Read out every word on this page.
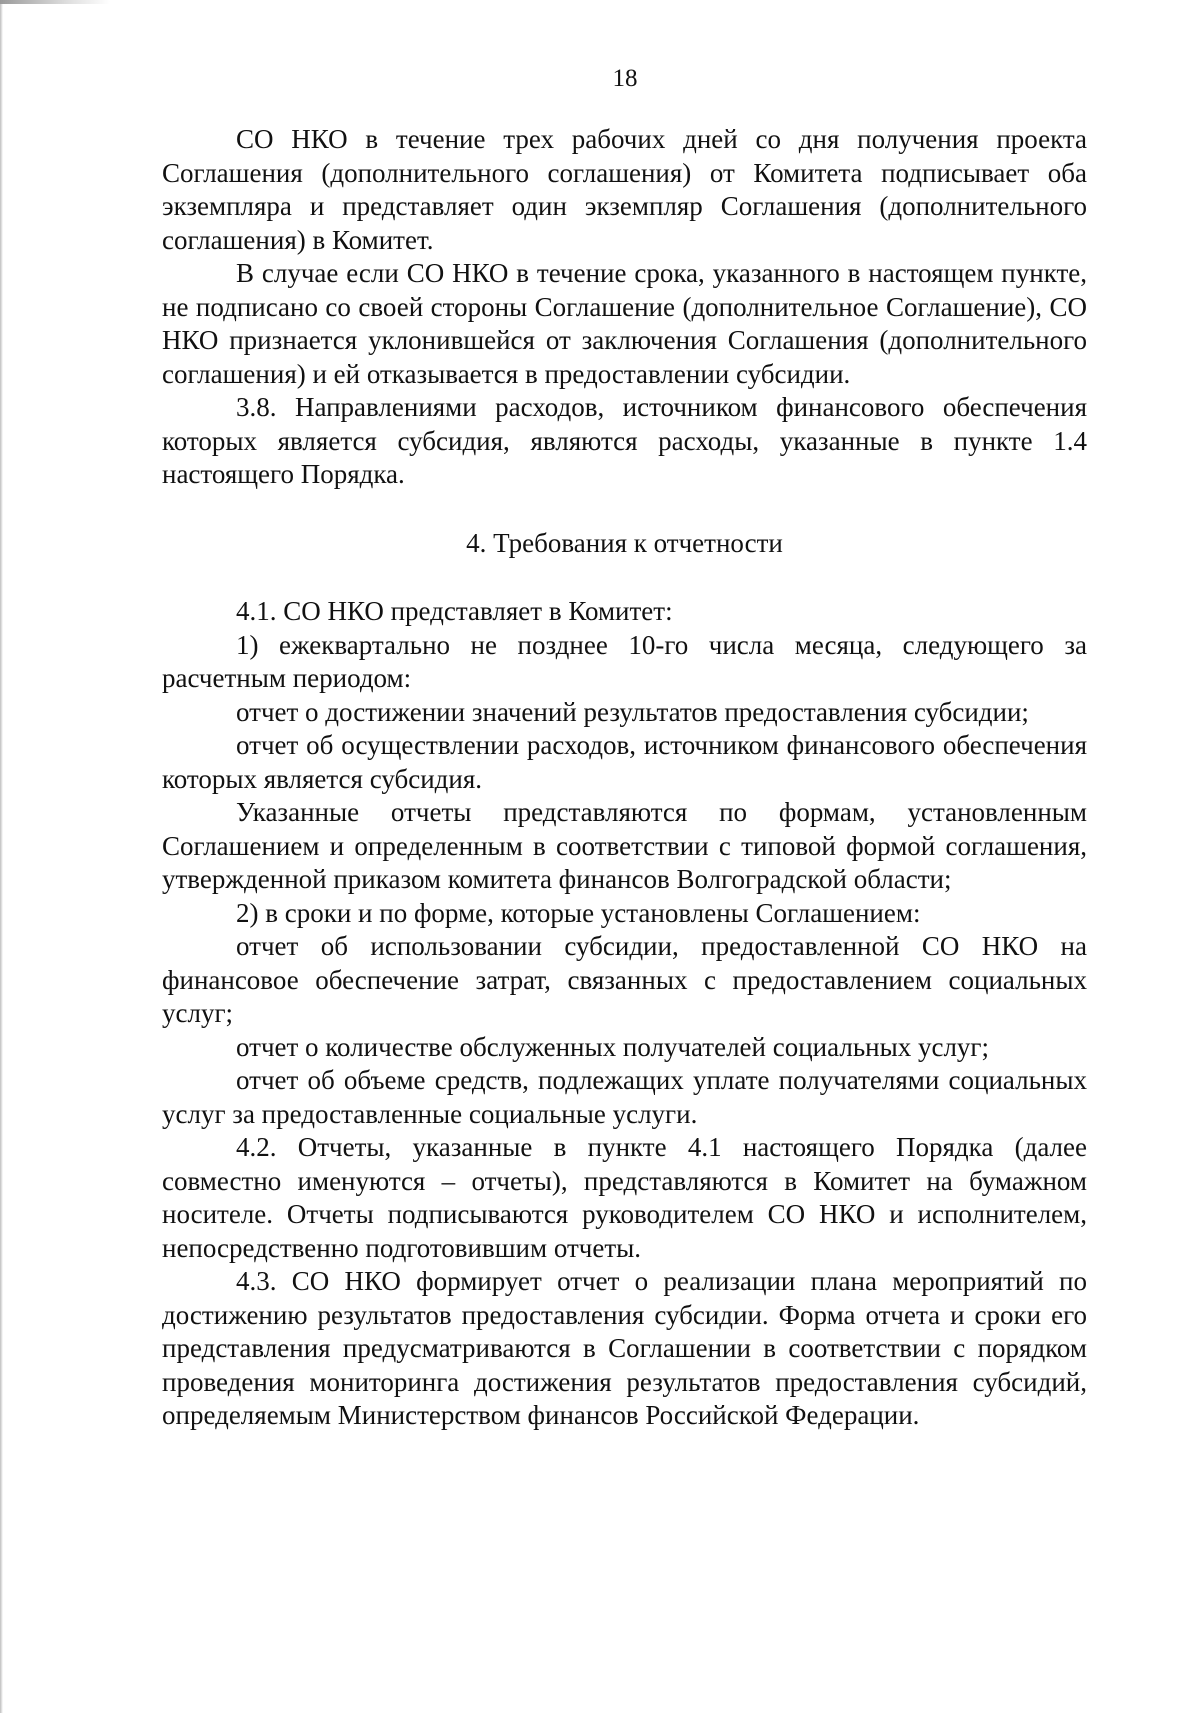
18

СО НКО в течение трех рабочих дней со дня получения проекта Соглашения (дополнительного соглашения) от Комитета подписывает оба экземпляра и представляет один экземпляр Соглашения (дополнительного соглашения) в Комитет.

В случае если СО НКО в течение срока, указанного в настоящем пункте, не подписано со своей стороны Соглашение (дополнительное Соглашение), СО НКО признается уклонившейся от заключения Соглашения (дополнительного соглашения) и ей отказывается в предоставлении субсидии.

3.8. Направлениями расходов, источником финансового обеспечения которых является субсидия, являются расходы, указанные в пункте 1.4 настоящего Порядка.

4. Требования к отчетности

4.1. СО НКО представляет в Комитет:

1) ежеквартально не позднее 10-го числа месяца, следующего за расчетным периодом:

отчет о достижении значений результатов предоставления субсидии;

отчет об осуществлении расходов, источником финансового обеспечения которых является субсидия.

Указанные отчеты представляются по формам, установленным Соглашением и определенным в соответствии с типовой формой соглашения, утвержденной приказом комитета финансов Волгоградской области;

2) в сроки и по форме, которые установлены Соглашением:

отчет об использовании субсидии, предоставленной СО НКО на финансовое обеспечение затрат, связанных с предоставлением социальных услуг;

отчет о количестве обслуженных получателей социальных услуг;

отчет об объеме средств, подлежащих уплате получателями социальных услуг за предоставленные социальные услуги.

4.2. Отчеты, указанные в пункте 4.1 настоящего Порядка (далее совместно именуются – отчеты), представляются в Комитет на бумажном носителе. Отчеты подписываются руководителем СО НКО и исполнителем, непосредственно подготовившим отчеты.

4.3. СО НКО формирует отчет о реализации плана мероприятий по достижению результатов предоставления субсидии. Форма отчета и сроки его представления предусматриваются в Соглашении в соответствии с порядком проведения мониторинга достижения результатов предоставления субсидий, определяемым Министерством финансов Российской Федерации.
